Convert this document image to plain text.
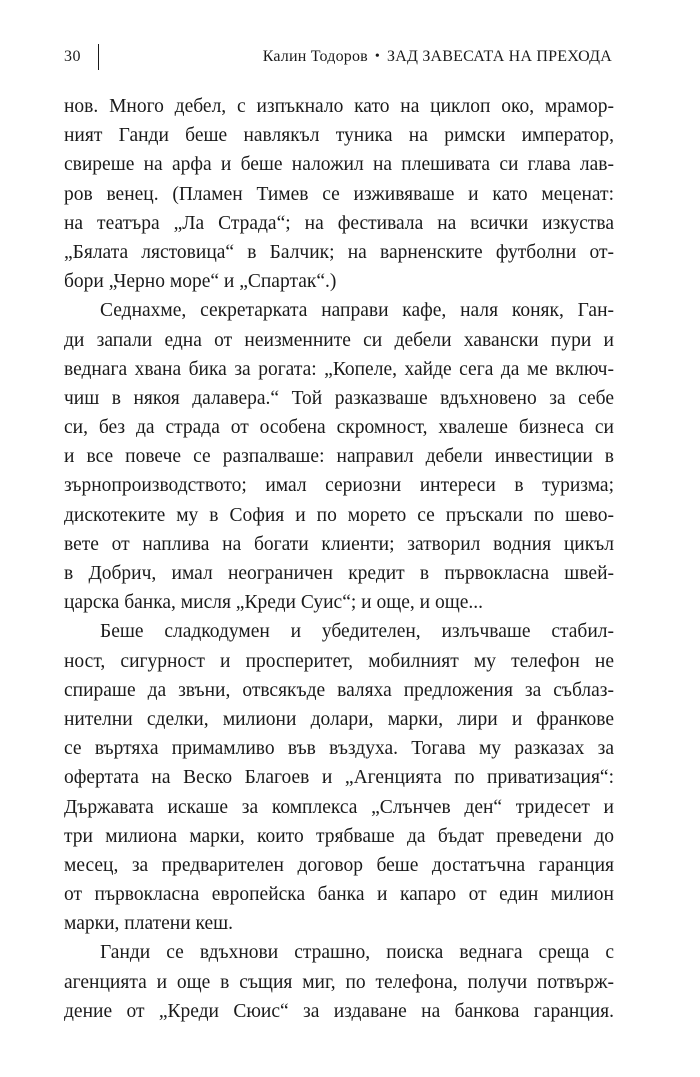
30	Калин Тодоров • ЗАД ЗАВЕСАТА НА ПРЕХОДА
нов. Много дебел, с изпъкнало като на циклоп око, мрамор-
ният Ганди беше навлякъл туника на римски император,
свиреше на арфа и беше наложил на плешивата си глава лав-
ров венец. (Пламен Тимев се изживяваше и като меценат:
на театъра „Ла Страда“; на фестивала на всички изкуства
„Бялата лястовица“ в Балчик; на варненските футболни от-
бори „Черно море“ и „Спартак“.)
Седнахме, секретарката направи кафе, наля коняк, Ган-
ди запали една от неизменните си дебели хавански пури и
веднага хвана бика за рогата: „Копеле, хайде сега да ме включ-
чиш в някоя далавера.“ Той разказваше вдъхновено за себе
си, без да страда от особена скромност, хвалеше бизнеса си
и все повече се разпалваше: направил дебели инвестиции в
зърнопроизводството; имал сериозни интереси в туризма;
дискотеките му в София и по морето се пръскали по шево-
вете от наплива на богати клиенти; затворил водния цикъл
в Добрич, имал неограничен кредит в първокласна швей-
царска банка, мисля „Креди Суис“; и още, и още...
Беше сладкодумен и убедителен, излъчваше стабил-
ност, сигурност и просперитет, мобилният му телефон не
спираше да звъни, отвсякъде валяха предложения за съблаз-
нителни сделки, милиони долари, марки, лири и франкове
се въртяха примамливо във въздуха. Тогава му разказах за
офертата на Веско Благоев и „Агенцията по приватизация“:
Държавата искаше за комплекса „Слънчев ден“ тридесет и
три милиона марки, които трябваше да бъдат преведени до
месец, за предварителен договор беше достатъчна гаранция
от първокласна европейска банка и капаро от един милион
марки, платени кеш.
Ганди се вдъхнови страшно, поиска веднага среща с
агенцията и още в същия миг, по телефона, получи потвърж-
дение от „Креди Сюис“ за издаване на банкова гаранция.
